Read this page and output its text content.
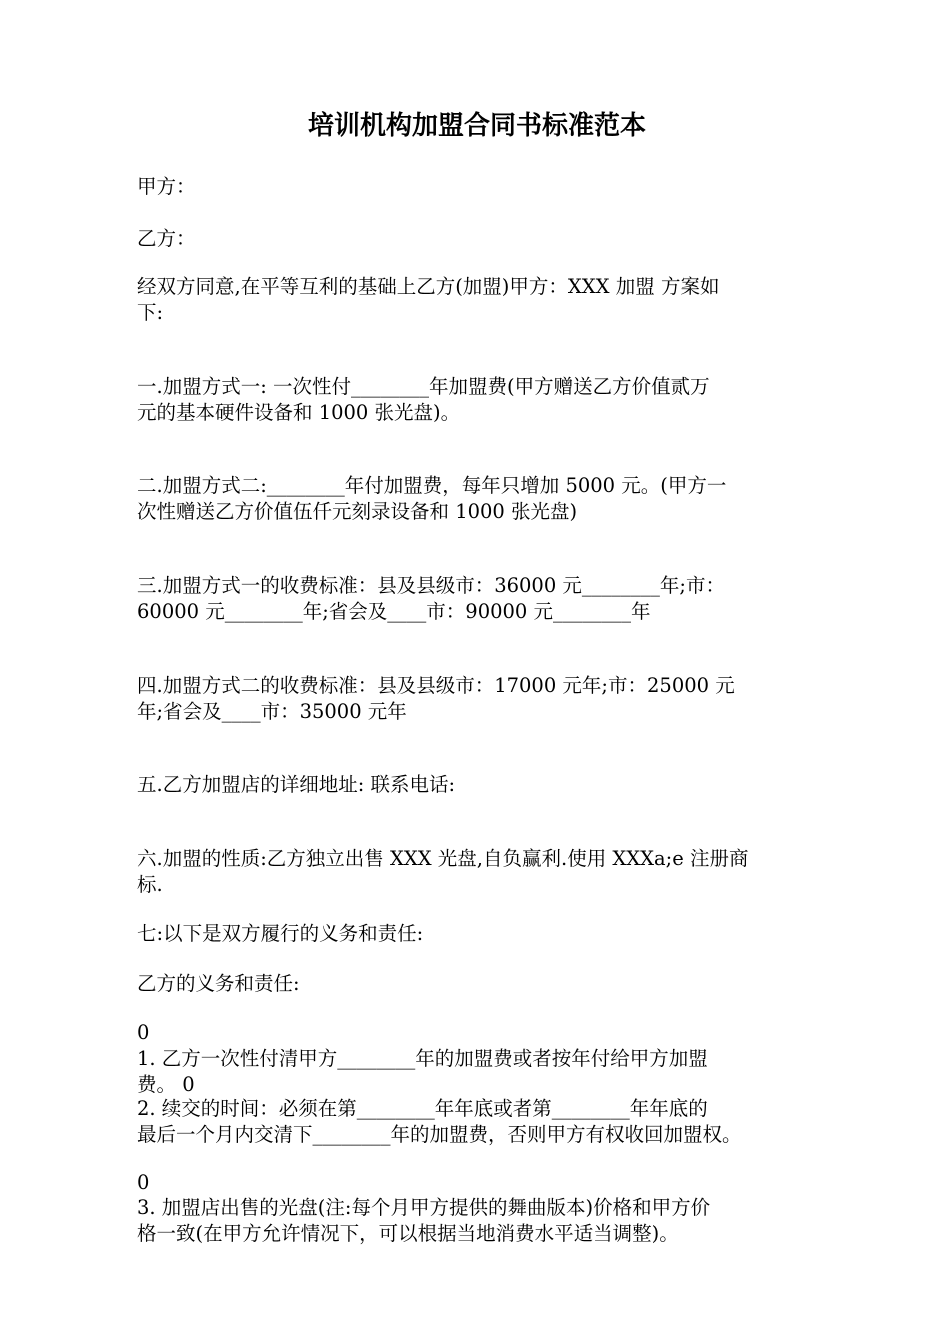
培训机构加盟合同书标准范本
甲方：
乙方：
经双方同意,在平等互利的基础上乙方(加盟)甲方：XXX 加盟 方案如
下:
一.加盟方式一: 一次性付________年加盟费(甲方赠送乙方价值贰万
元的基本硬件设备和 1000 张光盘)。
二.加盟方式二:________年付加盟费，每年只增加 5000 元。(甲方一
次性赠送乙方价值伍仟元刻录设备和 1000 张光盘)
三.加盟方式一的收费标准：县及县级市：36000 元________年;市：
60000 元________年;省会及____市：90000 元________年
四.加盟方式二的收费标准：县及县级市：17000 元年;市：25000 元
年;省会及____市：35000 元年
五.乙方加盟店的详细地址: 联系电话:
六.加盟的性质:乙方独立出售 XXX 光盘,自负赢利.使用 XXXa;e 注册商
标.
七:以下是双方履行的义务和责任:
乙方的义务和责任:
0
1. 乙方一次性付清甲方________年的加盟费或者按年付给甲方加盟
费。 0
2. 续交的时间：必须在第________年年底或者第________年年底的
最后一个月内交清下________年的加盟费，否则甲方有权收回加盟权。
0
3. 加盟店出售的光盘(注:每个月甲方提供的舞曲版本)价格和甲方价
格一致(在甲方允许情况下，可以根据当地消费水平适当调整)。
